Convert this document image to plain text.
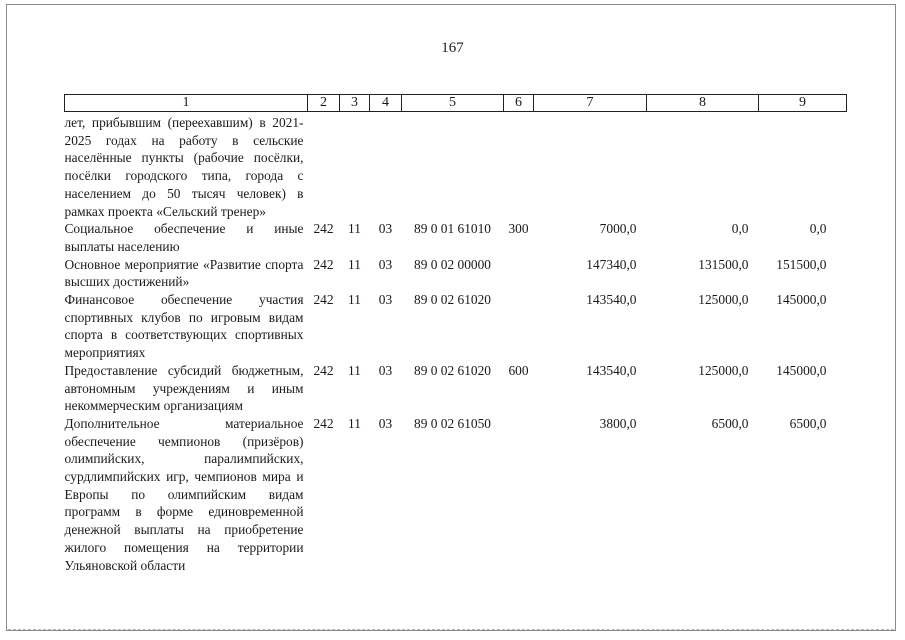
167
1	2	3	4	5	6	7	8	9
лет, прибывшим (переехавшим) в 2021-2025 годах на работу в сельские населённые пункты (рабочие посёлки, посёлки городского типа, города с населением до 50 тысяч человек) в рамках проекта «Сельский тренер»								
Социальное обеспечение и иные выплаты населению	242	11	03	89 0 01 61010	300	7000,0	0,0	0,0
Основное мероприятие «Развитие спорта высших достижений»	242	11	03	89 0 02 00000		147340,0	131500,0	151500,0
Финансовое обеспечение участия спортивных клубов по игровым видам спорта в соответствующих спортивных мероприятиях	242	11	03	89 0 02 61020		143540,0	125000,0	145000,0
Предоставление субсидий бюджетным, автономным учреждениям и иным некоммерческим организациям	242	11	03	89 0 02 61020	600	143540,0	125000,0	145000,0
Дополнительное материальное обеспечение чемпионов (призёров) олимпийских, паралимпийских, сурдлимпийских игр, чемпионов мира и Европы по олимпийским видам программ в форме единовременной денежной выплаты на приобретение жилого помещения на территории Ульяновской области	242	11	03	89 0 02 61050		3800,0	6500,0	6500,0
